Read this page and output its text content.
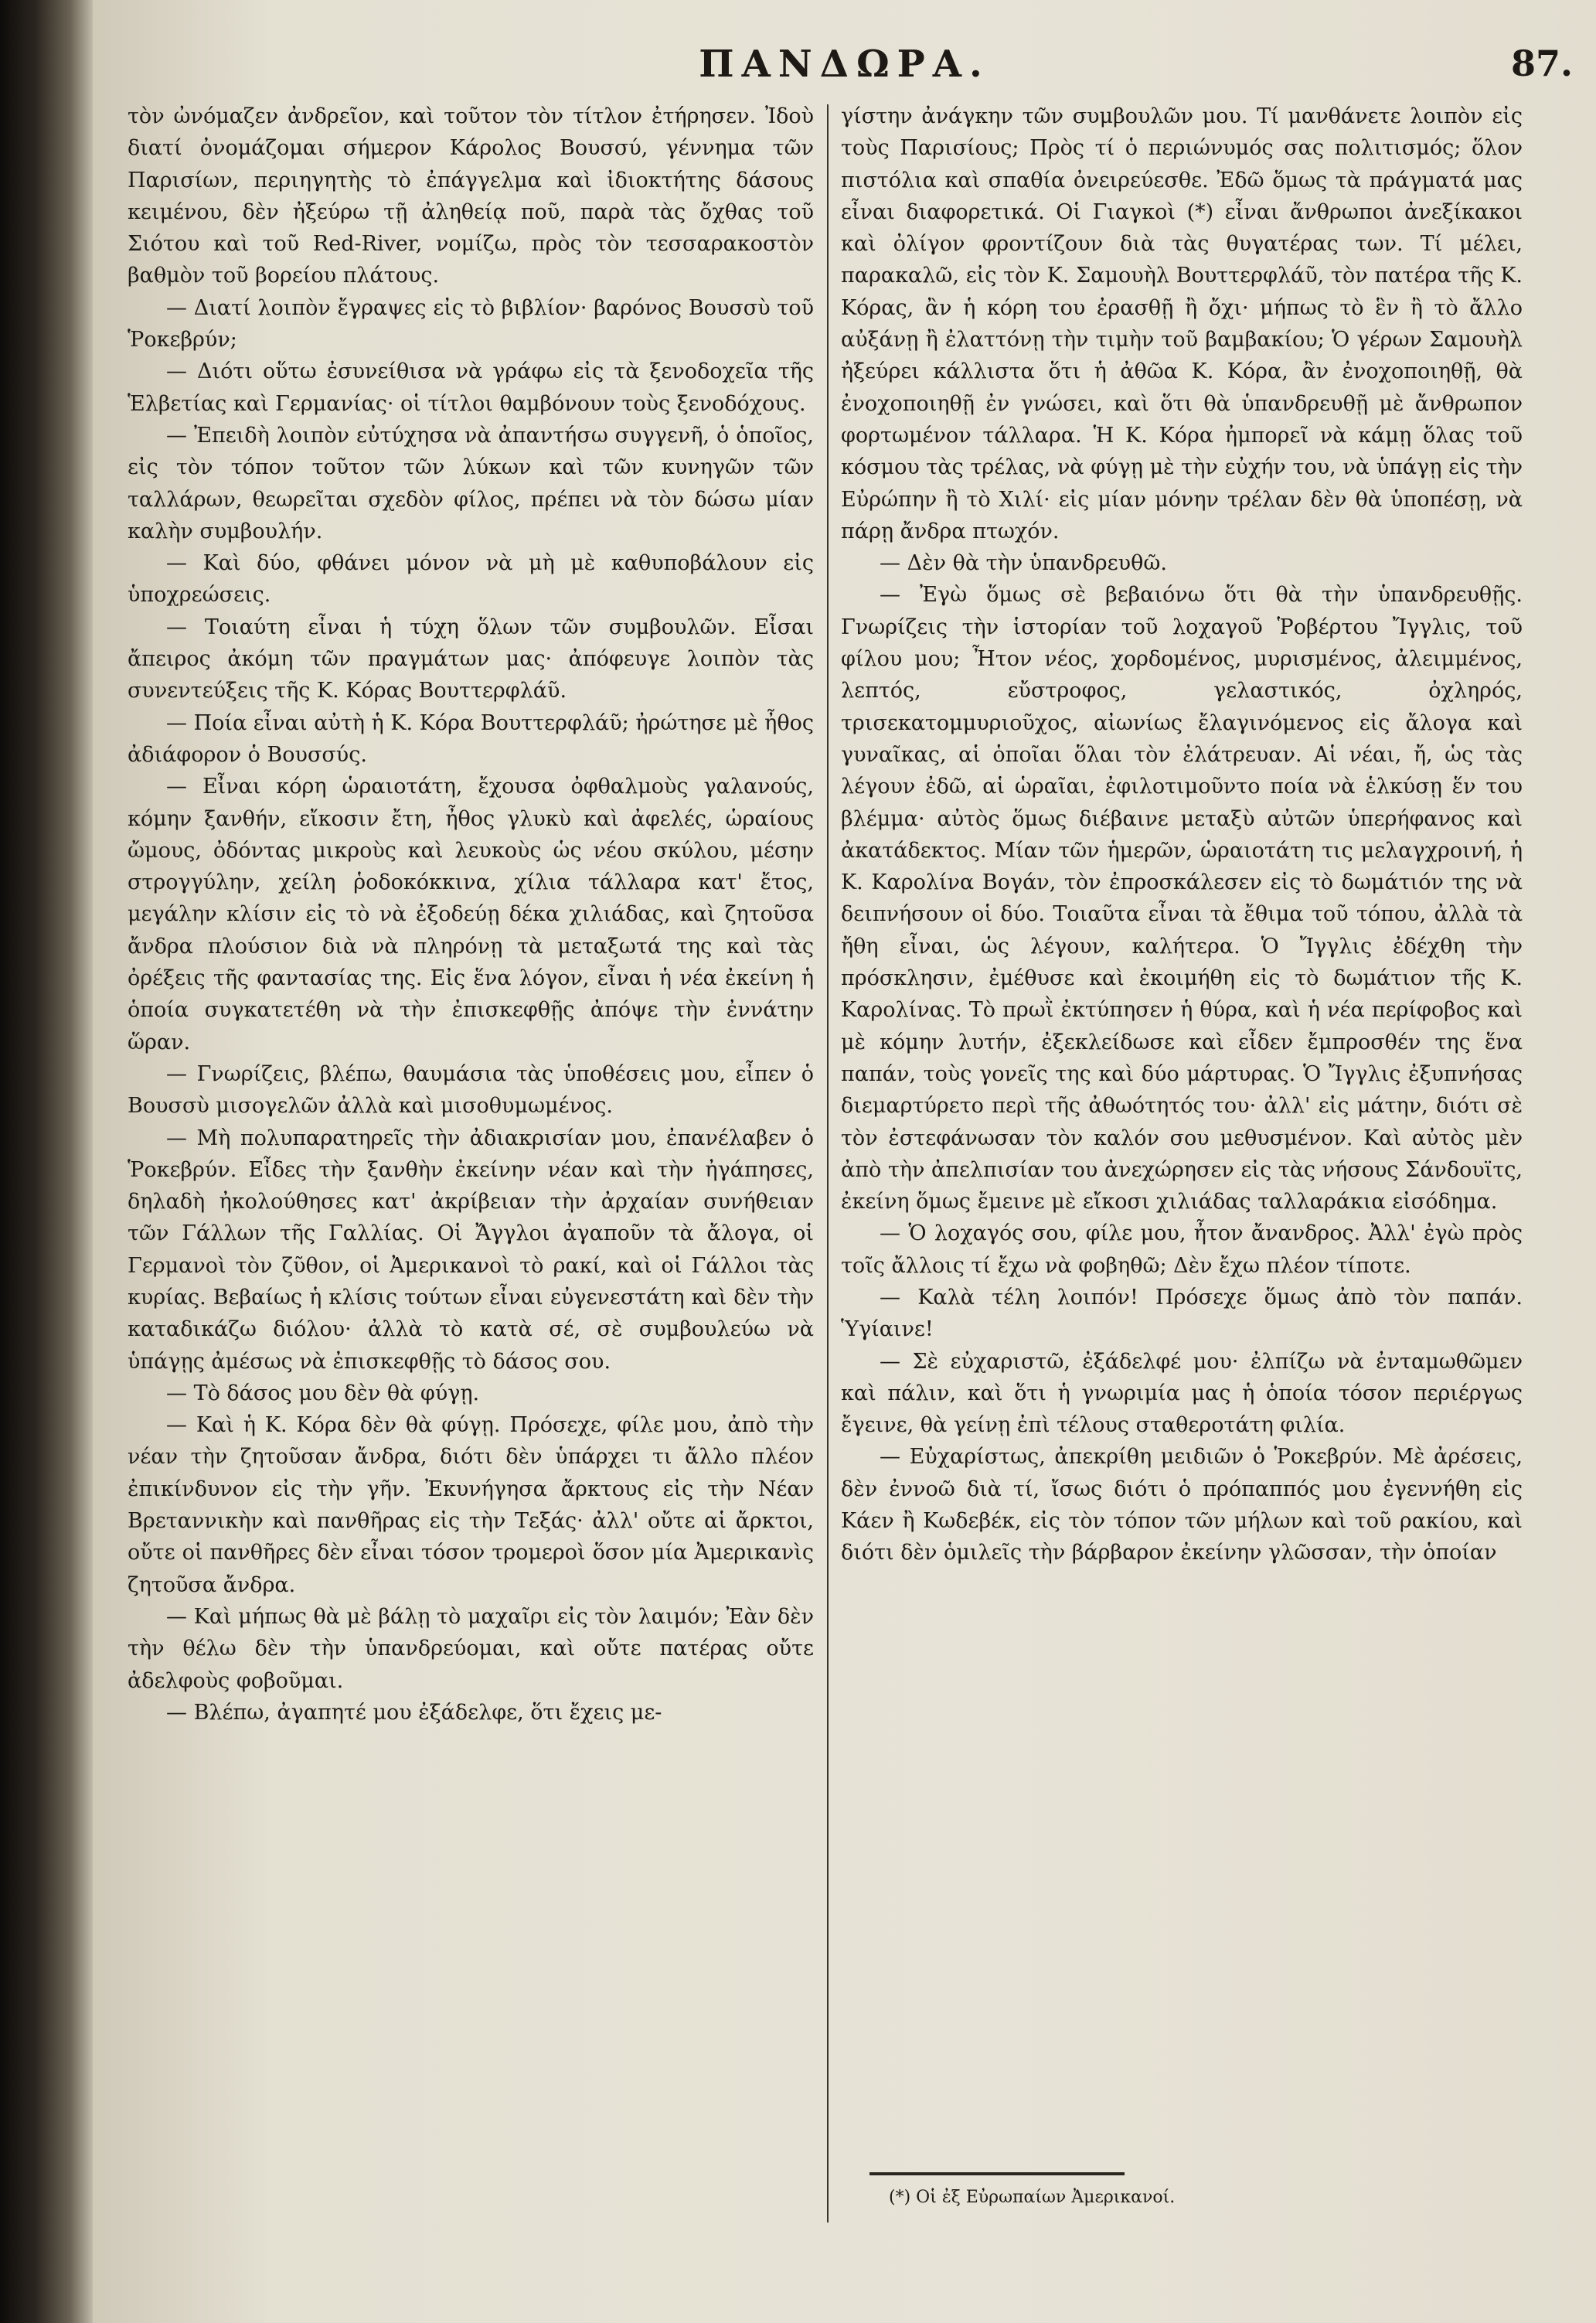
ΠΑΝΔΩΡΑ.	87.

τὸν ὠνόμαζεν ἀνδρεῖον, καὶ τοῦτον τὸν τίτλον ἐτήρησεν. Ἰδοὺ διατί ὀνομάζομαι σήμερον Κάρολος Βουσσύ, γέννημα τῶν Παρισίων, περιηγητὴς τὸ ἐπάγγελμα καὶ ἰδιοκτήτης δάσους κειμένου, δὲν ἠξεύρω τῇ ἀληθείᾳ ποῦ, παρὰ τὰς ὄχθας τοῦ Σιότου καὶ τοῦ Red-River, νομίζω, πρὸς τὸν τεσσαρακοστὸν βαθμὸν τοῦ βορείου πλάτους.

— Διατί λοιπὸν ἔγραψες εἰς τὸ βιβλίον· βαρόνος Βουσσὺ τοῦ Ῥοκεβρύν;

— Διότι οὕτω ἐσυνείθισα νὰ γράφω εἰς τὰ ξενοδοχεῖα τῆς Ἑλβετίας καὶ Γερμανίας· οἱ τίτλοι θαμβόνουν τοὺς ξενοδόχους.

— Ἐπειδὴ λοιπὸν εὐτύχησα νὰ ἀπαντήσω συγγενῆ, ὁ ὁποῖος, εἰς τὸν τόπον τοῦτον τῶν λύκων καὶ τῶν κυνηγῶν τῶν ταλλάρων, θεωρεῖται σχεδὸν φίλος, πρέπει νὰ τὸν δώσω μίαν καλὴν συμβουλήν.

— Καὶ δύο, φθάνει μόνον νὰ μὴ μὲ καθυποβάλουν εἰς ὑποχρεώσεις.

— Τοιαύτη εἶναι ἡ τύχη ὅλων τῶν συμβουλῶν. Εἶσαι ἄπειρος ἀκόμη τῶν πραγμάτων μας· ἀπόφευγε λοιπὸν τὰς συνεντεύξεις τῆς Κ. Κόρας Βουττερφλάῦ.

— Ποία εἶναι αὐτὴ ἡ Κ. Κόρα Βουττερφλάῦ; ἠρώτησε μὲ ἦθος ἀδιάφορον ὁ Βουσσύς.

— Εἶναι κόρη ὡραιοτάτη, ἔχουσα ὀφθαλμοὺς γαλανούς, κόμην ξανθήν, εἴκοσιν ἔτη, ἦθος γλυκὺ καὶ ἀφελές, ὡραίους ὤμους, ὀδόντας μικροὺς καὶ λευκοὺς ὡς νέου σκύλου, μέσην στρογγύλην, χείλη ῥοδοκόκκινα, χίλια τάλλαρα κατ' ἔτος, μεγάλην κλίσιν εἰς τὸ νὰ ἐξοδεύῃ δέκα χιλιάδας, καὶ ζητοῦσα ἄνδρα πλούσιον διὰ νὰ πληρόνῃ τὰ μεταξωτά της καὶ τὰς ὀρέξεις τῆς φαντασίας της. Εἰς ἕνα λόγον, εἶναι ἡ νέα ἐκείνη ἡ ὁποία συγκατετέθη νὰ τὴν ἐπισκεφθῇς ἀπόψε τὴν ἐννάτην ὥραν.

— Γνωρίζεις, βλέπω, θαυμάσια τὰς ὑποθέσεις μου, εἶπεν ὁ Βουσσὺ μισογελῶν ἀλλὰ καὶ μισοθυμωμένος.

— Μὴ πολυπαρατηρεῖς τὴν ἀδιακρισίαν μου, ἐπανέλαβεν ὁ Ῥοκεβρύν. Εἶδες τὴν ξανθὴν ἐκείνην νέαν καὶ τὴν ἠγάπησες, δηλαδὴ ἠκολούθησες κατ' ἀκρίβειαν τὴν ἀρχαίαν συνήθειαν τῶν Γάλλων τῆς Γαλλίας. Οἱ Ἄγγλοι ἀγαποῦν τὰ ἄλογα, οἱ Γερμανοὶ τὸν ζῦθον, οἱ Ἀμερικανοὶ τὸ ρακί, καὶ οἱ Γάλλοι τὰς κυρίας. Βεβαίως ἡ κλίσις τούτων εἶναι εὐγενεστάτη καὶ δὲν τὴν καταδικάζω διόλου· ἀλλὰ τὸ κατὰ σέ, σὲ συμβουλεύω νὰ ὑπάγῃς ἀμέσως νὰ ἐπισκεφθῇς τὸ δάσος σου.

— Τὸ δάσος μου δὲν θὰ φύγῃ.

— Καὶ ἡ Κ. Κόρα δὲν θὰ φύγῃ. Πρόσεχε, φίλε μου, ἀπὸ τὴν νέαν τὴν ζητοῦσαν ἄνδρα, διότι δὲν ὑπάρχει τι ἄλλο πλέον ἐπικίνδυνον εἰς τὴν γῆν. Ἐκυνήγησα ἄρκτους εἰς τὴν Νέαν Βρεταννικὴν καὶ πανθῆρας εἰς τὴν Τεξάς· ἀλλ' οὔτε αἱ ἄρκτοι, οὔτε οἱ πανθῆρες δὲν εἶναι τόσον τρομεροὶ ὅσον μία Ἀμερικανὶς ζητοῦσα ἄνδρα.

— Καὶ μήπως θὰ μὲ βάλῃ τὸ μαχαῖρι εἰς τὸν λαιμόν; Ἐὰν δὲν τὴν θέλω δὲν τὴν ὑπανδρεύομαι, καὶ οὔτε πατέρας οὔτε ἀδελφοὺς φοβοῦμαι.

— Βλέπω, ἀγαπητέ μου ἐξάδελφε, ὅτι ἔχεις με-

γίστην ἀνάγκην τῶν συμβουλῶν μου. Τί μανθάνετε λοιπὸν εἰς τοὺς Παρισίους; Πρὸς τί ὁ περιώνυμός σας πολιτισμός; ὅλον πιστόλια καὶ σπαθία ὀνειρεύεσθε. Ἐδῶ ὅμως τὰ πράγματά μας εἶναι διαφορετικά. Οἱ Γιαγκοὶ (*) εἶναι ἄνθρωποι ἀνεξίκακοι καὶ ὀλίγον φροντίζουν διὰ τὰς θυγατέρας των. Τί μέλει, παρακαλῶ, εἰς τὸν Κ. Σαμουὴλ Βουττερφλάῦ, τὸν πατέρα τῆς Κ. Κόρας, ἂν ἡ κόρη του ἐρασθῇ ἢ ὄχι· μήπως τὸ ἓν ἢ τὸ ἄλλο αὐξάνῃ ἢ ἐλαττόνῃ τὴν τιμὴν τοῦ βαμβακίου; Ὁ γέρων Σαμουὴλ ἠξεύρει κάλλιστα ὅτι ἡ ἀθῶα Κ. Κόρα, ἂν ἐνοχοποιηθῇ, θὰ ἐνοχοποιηθῇ ἐν γνώσει, καὶ ὅτι θὰ ὑπανδρευθῇ μὲ ἄνθρωπον φορτωμένον τάλλαρα. Ἡ Κ. Κόρα ἠμπορεῖ νὰ κάμῃ ὅλας τοῦ κόσμου τὰς τρέλας, νὰ φύγῃ μὲ τὴν εὐχήν του, νὰ ὑπάγῃ εἰς τὴν Εὐρώπην ἢ τὸ Χιλί· εἰς μίαν μόνην τρέλαν δὲν θὰ ὑποπέσῃ, νὰ πάρῃ ἄνδρα πτωχόν.

— Δὲν θὰ τὴν ὑπανδρευθῶ.

— Ἐγὼ ὅμως σὲ βεβαιόνω ὅτι θὰ τὴν ὑπανδρευθῇς. Γνωρίζεις τὴν ἱστορίαν τοῦ λοχαγοῦ Ῥοβέρτου Ἴγγλις, τοῦ φίλου μου; Ἦτον νέος, χορδομένος, μυρισμένος, ἀλειμμένος, λεπτός, εὔστροφος, γελαστικός, ὀχληρός, τρισεκατομμυριοῦχος, αἰωνίως ἔλαγινόμενος εἰς ἄλογα καὶ γυναῖκας, αἱ ὁποῖαι ὅλαι τὸν ἐλάτρευαν. Αἱ νέαι, ἤ, ὡς τὰς λέγουν ἐδῶ, αἱ ὡραῖαι, ἐφιλοτιμοῦντο ποία νὰ ἑλκύσῃ ἕν του βλέμμα· αὐτὸς ὅμως διέβαινε μεταξὺ αὐτῶν ὑπερήφανος καὶ ἀκατάδεκτος. Μίαν τῶν ἡμερῶν, ὡραιοτάτη τις μελαγχροινή, ἡ Κ. Καρολίνα Βογάν, τὸν ἐπροσκάλεσεν εἰς τὸ δωμάτιόν της νὰ δειπνήσουν οἱ δύο. Τοιαῦτα εἶναι τὰ ἔθιμα τοῦ τόπου, ἀλλὰ τὰ ἤθη εἶναι, ὡς λέγουν, καλήτερα. Ὁ Ἴγγλις ἐδέχθη τὴν πρόσκλησιν, ἐμέθυσε καὶ ἐκοιμήθη εἰς τὸ δωμάτιον τῆς Κ. Καρολίνας. Τὸ πρωῒ ἐκτύπησεν ἡ θύρα, καὶ ἡ νέα περίφοβος καὶ μὲ κόμην λυτήν, ἐξεκλείδωσε καὶ εἶδεν ἔμπροσθέν της ἕνα παπάν, τοὺς γονεῖς της καὶ δύο μάρτυρας. Ὁ Ἴγγλις ἐξυπνήσας διεμαρτύρετο περὶ τῆς ἀθωότητός του· ἀλλ' εἰς μάτην, διότι σὲ τὸν ἐστεφάνωσαν τὸν καλόν σου μεθυσμένον. Καὶ αὐτὸς μὲν ἀπὸ τὴν ἀπελπισίαν του ἀνεχώρησεν εἰς τὰς νήσους Σάνδουϊτς, ἐκείνη ὅμως ἔμεινε μὲ εἴκοσι χιλιάδας ταλλαράκια εἰσόδημα.

— Ὁ λοχαγός σου, φίλε μου, ἦτον ἄνανδρος. Ἀλλ' ἐγὼ πρὸς τοῖς ἄλλοις τί ἔχω νὰ φοβηθῶ; Δὲν ἔχω πλέον τίποτε.

— Καλὰ τέλη λοιπόν! Πρόσεχε ὅμως ἀπὸ τὸν παπάν. Ὑγίαινε!

— Σὲ εὐχαριστῶ, ἐξάδελφέ μου· ἐλπίζω νὰ ἐνταμωθῶμεν καὶ πάλιν, καὶ ὅτι ἡ γνωριμία μας ἡ ὁποία τόσον περιέργως ἔγεινε, θὰ γείνῃ ἐπὶ τέλους σταθεροτάτη φιλία.

— Εὐχαρίστως, ἀπεκρίθη μειδιῶν ὁ Ῥοκεβρύν. Μὲ ἀρέσεις, δὲν ἐννοῶ διὰ τί, ἴσως διότι ὁ πρόπαππός μου ἐγεννήθη εἰς Κάεν ἢ Κωδεβέκ, εἰς τὸν τόπον τῶν μήλων καὶ τοῦ ρακίου, καὶ διότι δὲν ὁμιλεῖς τὴν βάρβαρον ἐκείνην γλῶσσαν, τὴν ὁποίαν

(*) Οἱ ἐξ Εὐρωπαίων Ἀμερικανοί.
